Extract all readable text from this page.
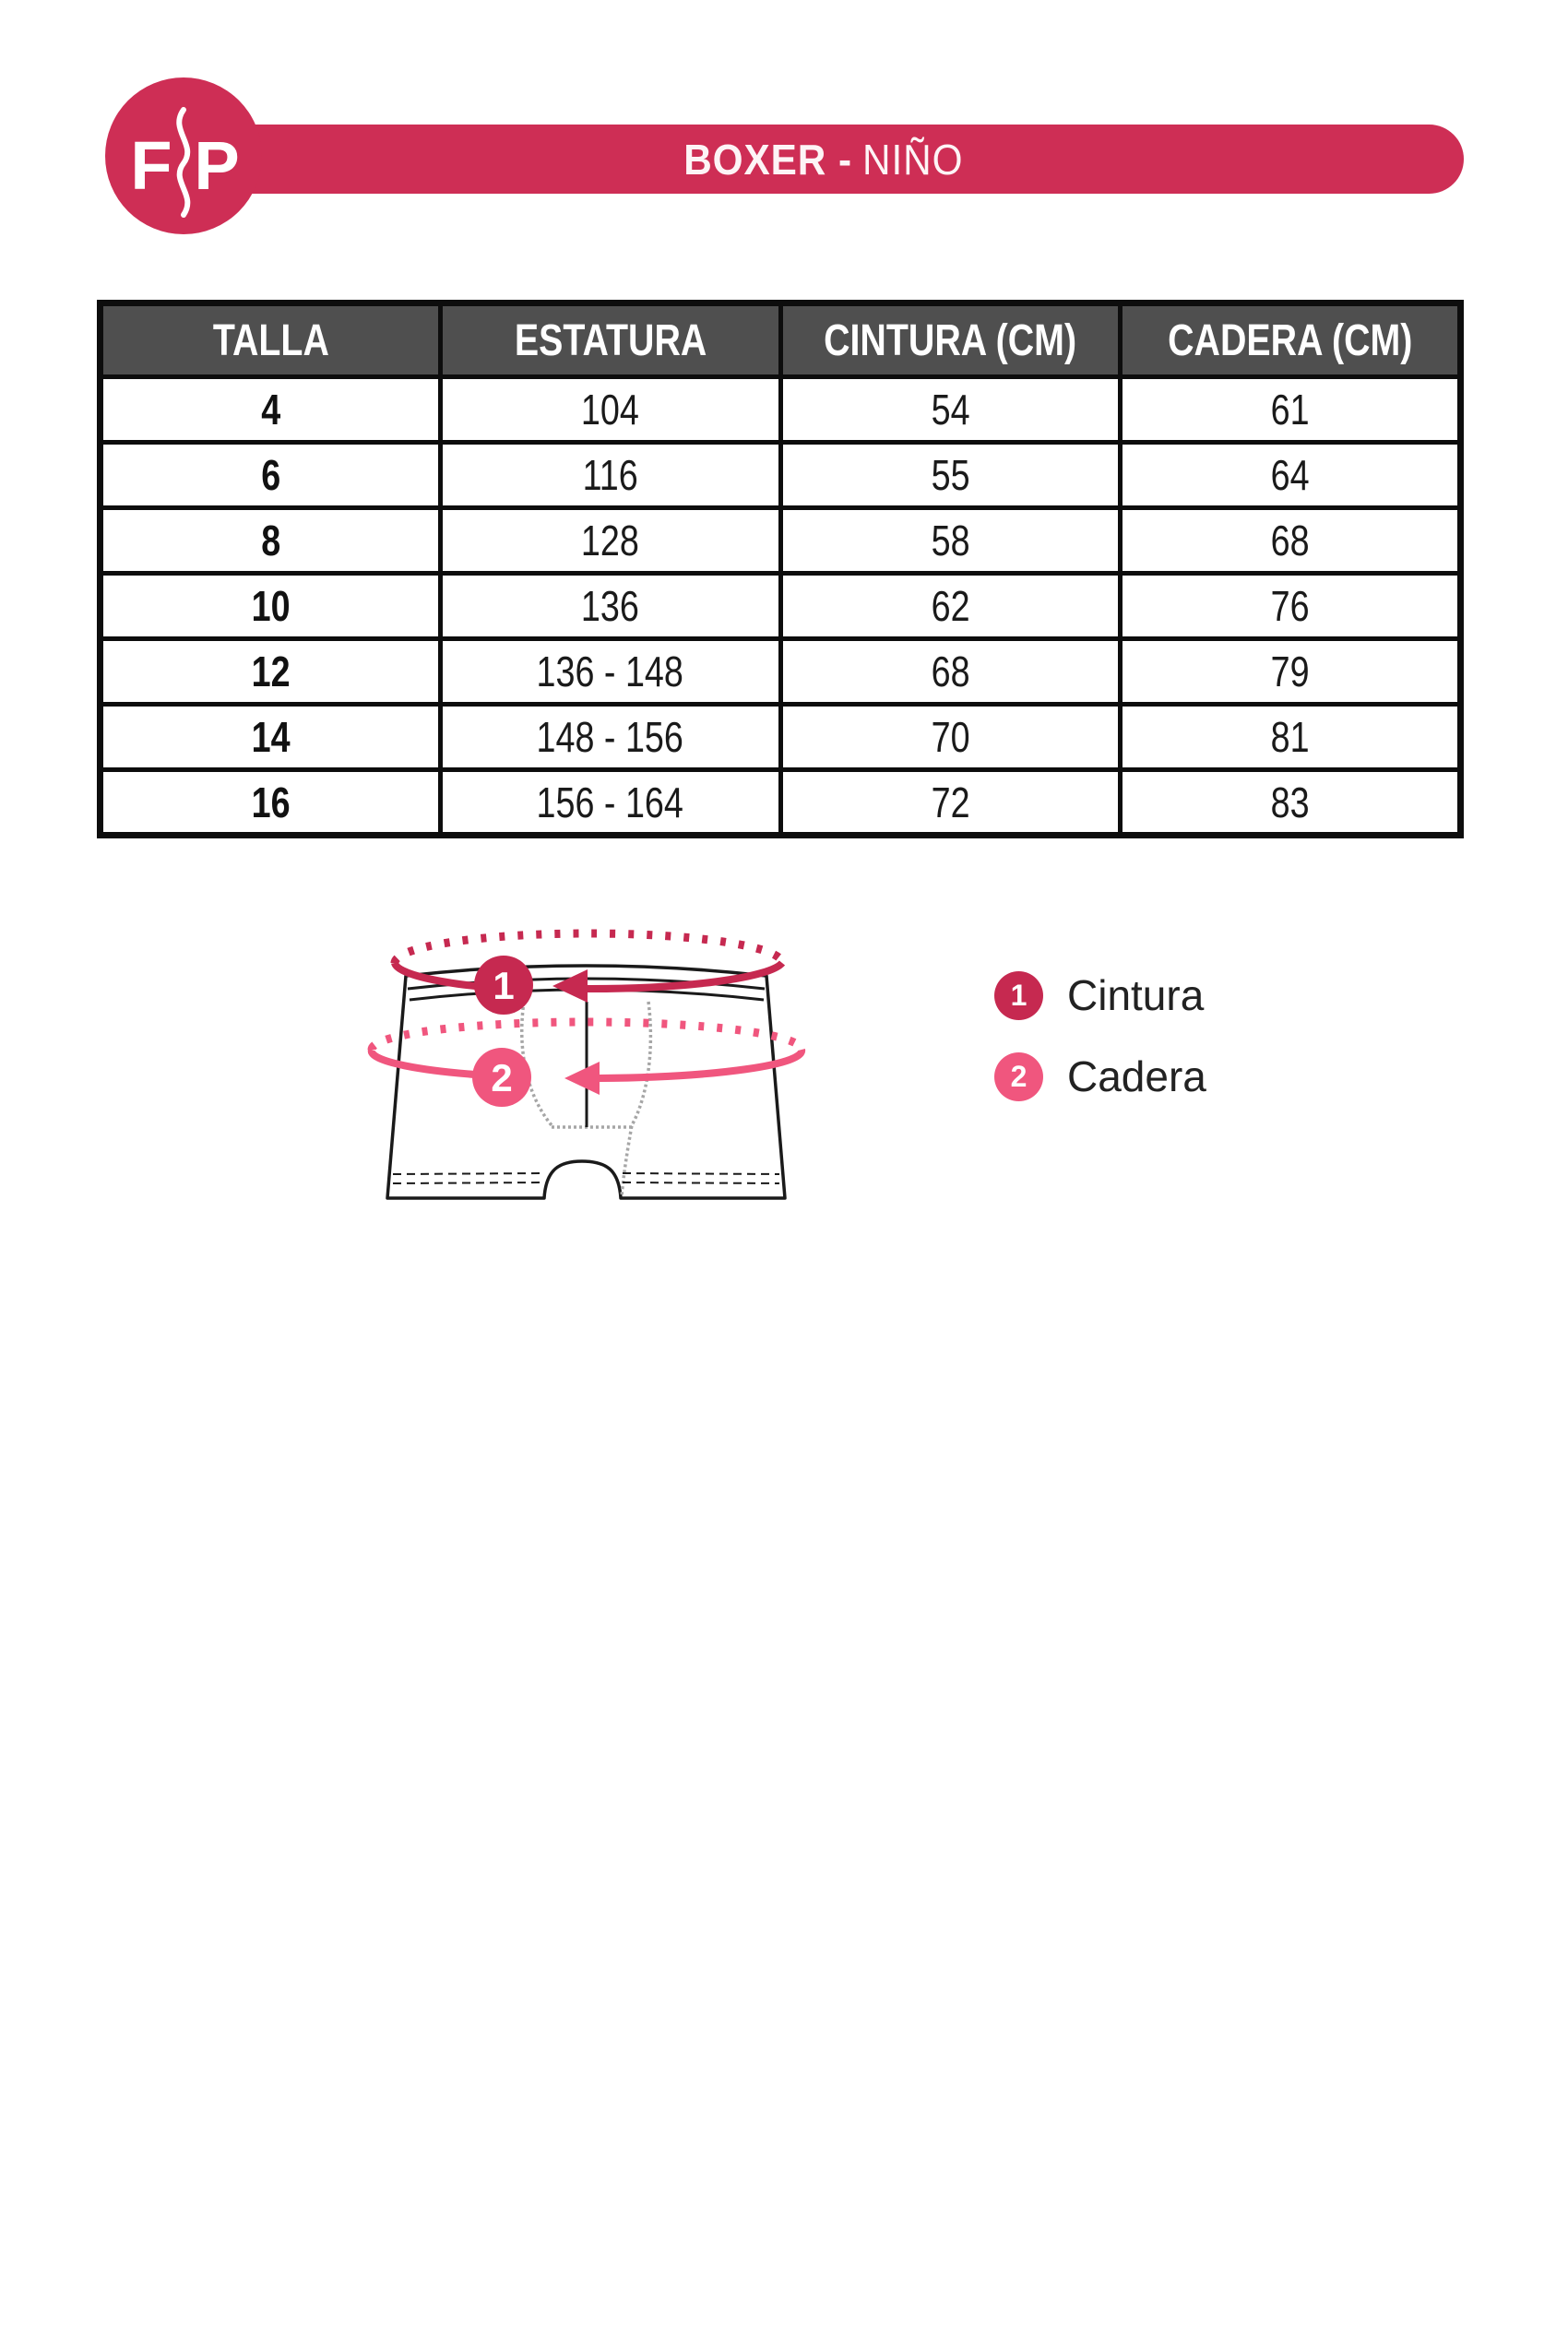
BOXER - NIÑO
F P
TALLA	ESTATURA	CINTURA (CM)	CADERA (CM)
4	104	54	61
6	116	55	64
8	128	58	68
10	136	62	76
12	136 - 148	68	79
14	148 - 156	70	81
16	156 - 164	72	83
1
2
1 Cintura
2 Cadera
